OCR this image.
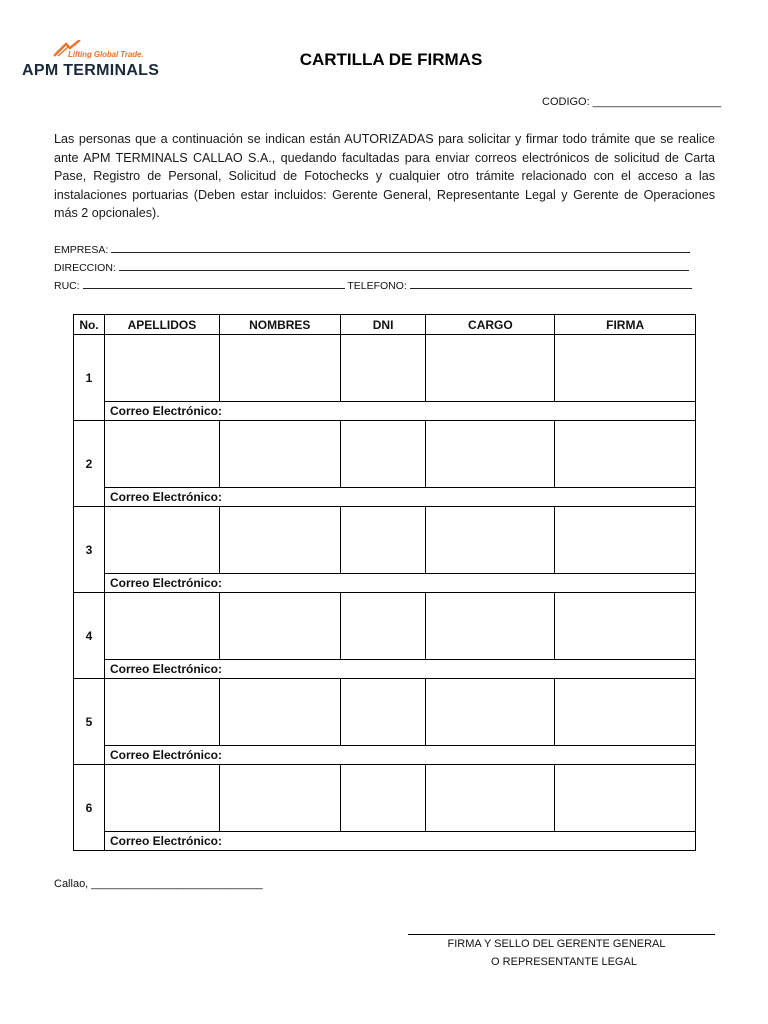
Lifting Global Trade.
APM TERMINALS
CARTILLA DE FIRMAS
CODIGO: _____________________
Las personas que a continuación se indican están AUTORIZADAS para solicitar y firmar todo trámite que se realice ante APM TERMINALS CALLAO S.A., quedando facultadas para enviar correos electrónicos de solicitud de Carta Pase, Registro de Personal, Solicitud de Fotochecks y cualquier otro trámite relacionado con el acceso a las instalaciones portuarias (Deben estar incluidos: Gerente General, Representante Legal y Gerente de Operaciones más 2 opcionales).
EMPRESA:
DIRECCION:
RUC:	TELEFONO:
No.	APELLIDOS	NOMBRES	DNI	CARGO	FIRMA
1					
	Correo Electrónico:				
2					
	Correo Electrónico:				
3					
	Correo Electrónico:				
4					
	Correo Electrónico:				
5					
	Correo Electrónico:				
6					
	Correo Electrónico:				
Callao, ____________________________
FIRMA Y SELLO DEL GERENTE GENERAL
O REPRESENTANTE LEGAL
